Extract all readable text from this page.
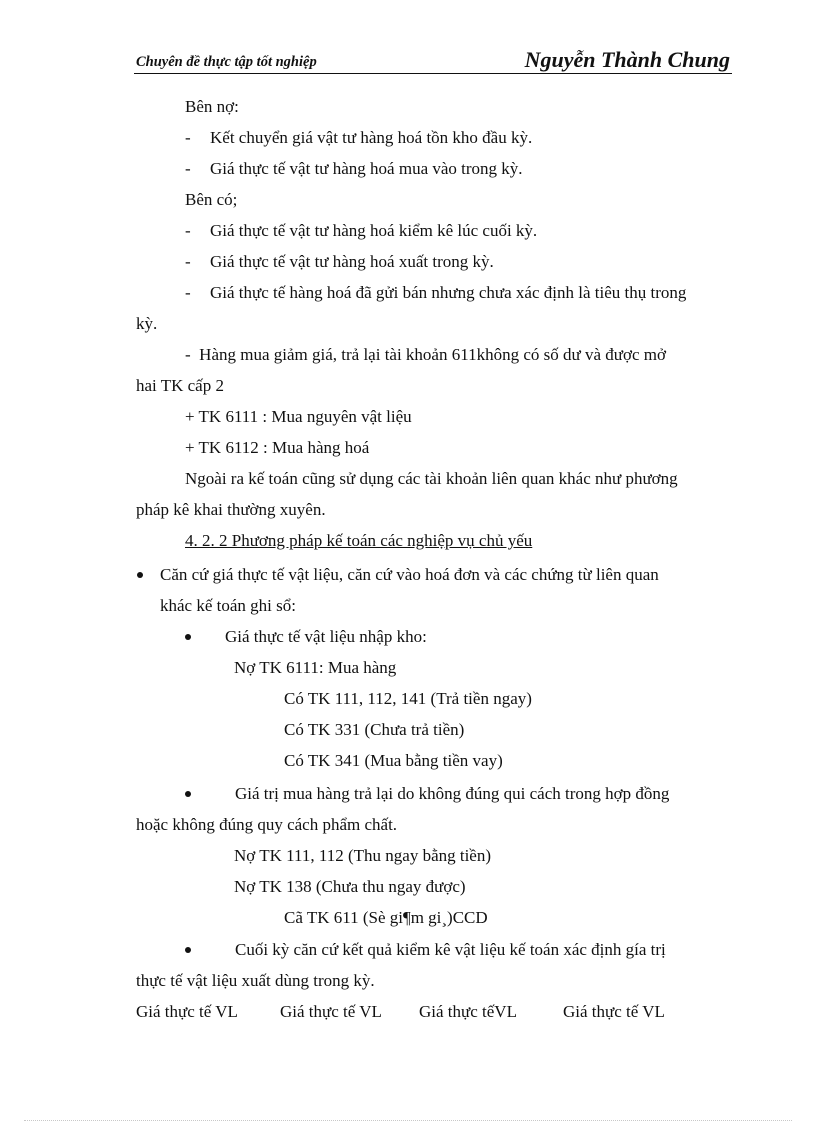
Chuyên đề thực tập tốt nghiệp	Nguyễn Thành Chung
Bên nợ:
- Kết chuyển giá vật tư hàng hoá tồn kho đầu kỳ.
- Giá thực tế vật tư hàng hoá mua vào trong kỳ.
Bên có;
- Giá thực tế vật tư hàng hoá kiểm kê lúc cuối kỳ.
- Giá thực tế vật tư hàng hoá xuất trong kỳ.
- Giá thực tế hàng hoá đã gửi bán nhưng chưa xác định là tiêu thụ trong
kỳ.
- Hàng mua giảm giá, trả lại tài khoản 611không có số dư và được mở
hai TK cấp 2
+ TK 6111 : Mua nguyên vật liệu
+ TK 6112 : Mua hàng hoá
Ngoài ra kế toán cũng sử dụng các tài khoản liên quan khác như phương
pháp kê khai thường xuyên.
4. 2. 2 Phương pháp kế toán các nghiệp vụ chủ yếu
Căn cứ giá thực tế vật liệu, căn cứ vào hoá đơn và các chứng từ liên quan
khác kế toán ghi sổ:
Giá thực tế vật liệu nhập kho:
Nợ TK 6111: Mua hàng
Có TK 111, 112, 141 (Trả tiền ngay)
Có TK 331 (Chưa trả tiền)
Có TK 341 (Mua bằng tiền vay)
Giá trị mua hàng trả lại do không đúng qui cách trong hợp đồng
hoặc không đúng quy cách phẩm chất.
Nợ TK 111, 112 (Thu ngay bằng tiền)
Nợ TK 138 (Chưa thu ngay được)
Cã TK 611 (Sè gi¶m gi¸)CCD
Cuối kỳ căn cứ kết quả kiểm kê vật liệu kế toán xác định gía trị
thực tế vật liệu xuất dùng trong kỳ.
Giá thực tế VL Giá thực tế VL Giá thực tếVL	Giá thực tế VL
